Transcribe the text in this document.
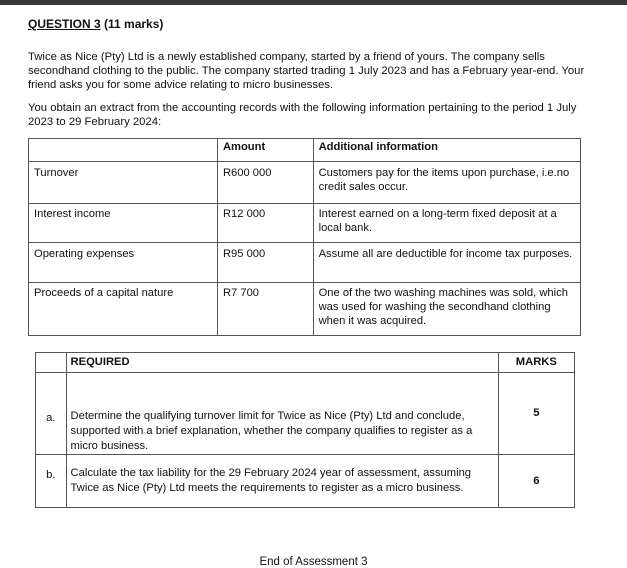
QUESTION 3 (11 marks)
Twice as Nice (Pty) Ltd is a newly established company, started by a friend of yours. The company sells secondhand clothing to the public. The company started trading 1 July 2023 and has a February year-end. Your friend asks you for some advice relating to micro businesses.
You obtain an extract from the accounting records with the following information pertaining to the period 1 July 2023 to 29 February 2024:
	Amount	Additional information
Turnover	R600 000	Customers pay for the items upon purchase, i.e.no credit sales occur.
Interest income	R12 000	Interest earned on a long-term fixed deposit at a local bank.
Operating expenses	R95 000	Assume all are deductible for income tax purposes.
Proceeds of a capital nature	R7 700	One of the two washing machines was sold, which was used for washing the secondhand clothing when it was acquired.
	REQUIRED	MARKS

a.	Determine the qualifying turnover limit for Twice as Nice (Pty) Ltd and conclude, supported with a brief explanation, whether the company qualifies to register as a micro business.	5

b.	Calculate the tax liability for the 29 February 2024 year of assessment, assuming Twice as Nice (Pty) Ltd meets the requirements to register as a micro business.	6
End of Assessment 3
